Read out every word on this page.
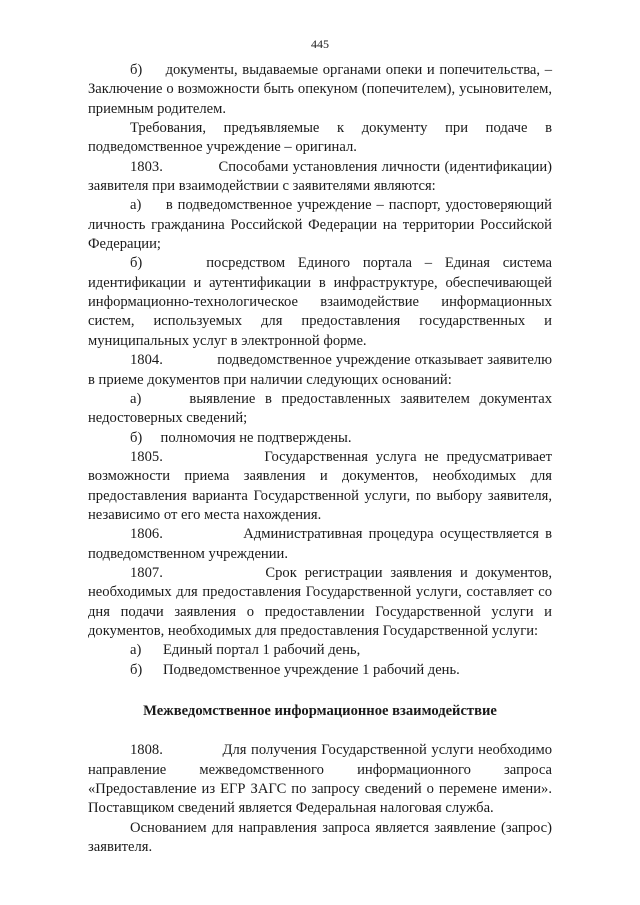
445

б)     документы, выдаваемые органами опеки и попечительства, – Заключение о возможности быть опекуном (попечителем), усыновителем, приемным родителем.

Требования, предъявляемые к документу при подаче в подведомственное учреждение – оригинал.

1803.             Способами установления личности (идентификации) заявителя при взаимодействии с заявителями являются:

а)     в подведомственное учреждение – паспорт, удостоверяющий личность гражданина Российской Федерации на территории Российской Федерации;

б)     посредством Единого портала – Единая система идентификации и аутентификации в инфраструктуре, обеспечивающей информационно-технологическое взаимодействие информационных систем, используемых для предоставления государственных и муниципальных услуг в электронной форме.

1804.             подведомственное учреждение отказывает заявителю в приеме документов при наличии следующих оснований:

а)     выявление в предоставленных заявителем документах недостоверных сведений;

б)     полномочия не подтверждены.

1805.             Государственная услуга не предусматривает возможности приема заявления и документов, необходимых для предоставления варианта Государственной услуги, по выбору заявителя, независимо от его места нахождения.

1806.             Административная процедура осуществляется в подведомственном учреждении.

1807.             Срок регистрации заявления и документов, необходимых для предоставления Государственной услуги, составляет со дня подачи заявления о предоставлении Государственной услуги и документов, необходимых для предоставления Государственной услуги:

а) Единый портал 1 рабочий день,

б) Подведомственное учреждение 1 рабочий день.

Межведомственное информационное взаимодействие

1808.             Для получения Государственной услуги необходимо направление межведомственного информационного запроса «Предоставление из ЕГР ЗАГС по запросу сведений о перемене имени». Поставщиком сведений является Федеральная налоговая служба.

Основанием для направления запроса является заявление (запрос) заявителя.
